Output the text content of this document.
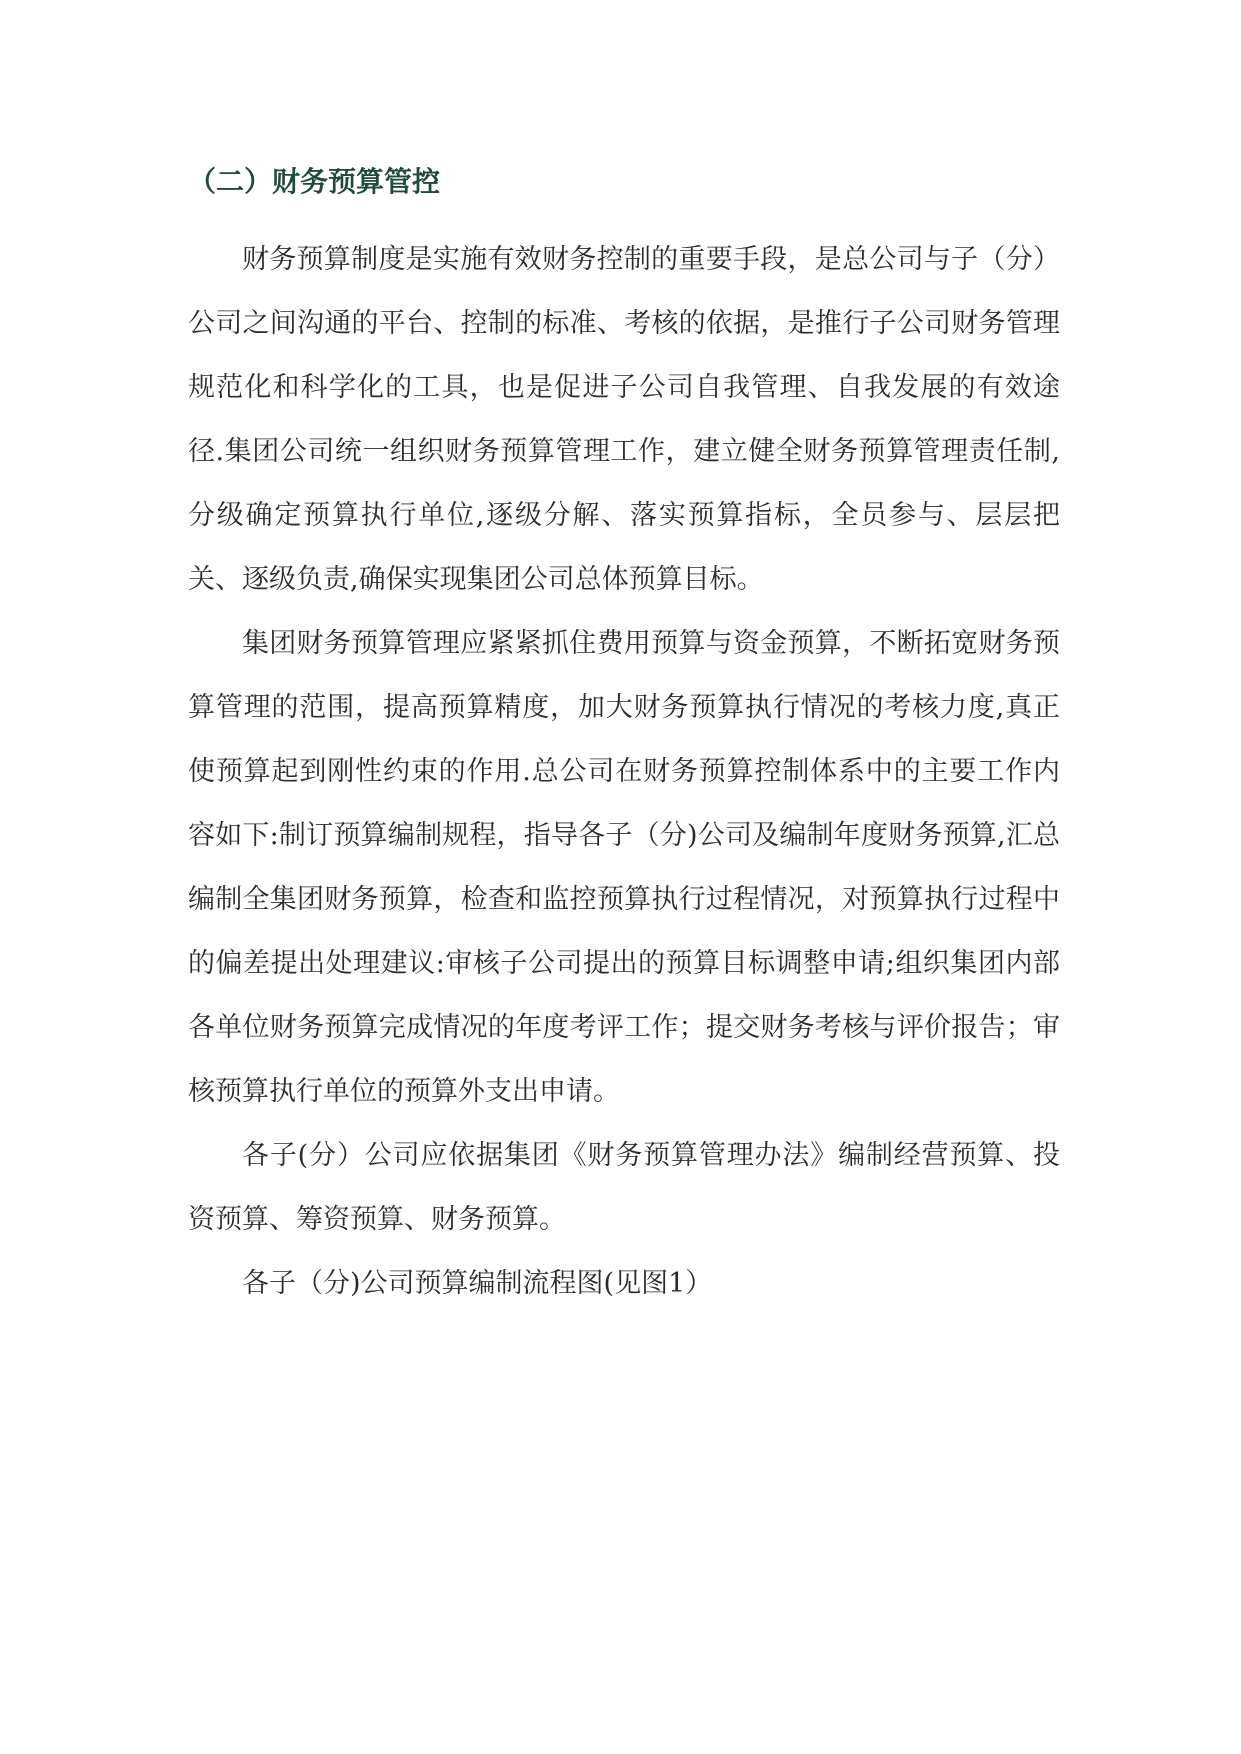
（二）财务预算管控

财务预算制度是实施有效财务控制的重要手段，是总公司与子（分）公司之间沟通的平台、控制的标准、考核的依据，是推行子公司财务管理规范化和科学化的工具，也是促进子公司自我管理、自我发展的有效途径.集团公司统一组织财务预算管理工作，建立健全财务预算管理责任制,分级确定预算执行单位,逐级分解、落实预算指标，全员参与、层层把关、逐级负责,确保实现集团公司总体预算目标。

集团财务预算管理应紧紧抓住费用预算与资金预算，不断拓宽财务预算管理的范围，提高预算精度，加大财务预算执行情况的考核力度,真正使预算起到刚性约束的作用.总公司在财务预算控制体系中的主要工作内容如下:制订预算编制规程，指导各子（分)公司及编制年度财务预算,汇总编制全集团财务预算，检查和监控预算执行过程情况，对预算执行过程中的偏差提出处理建议:审核子公司提出的预算目标调整申请;组织集团内部各单位财务预算完成情况的年度考评工作；提交财务考核与评价报告；审核预算执行单位的预算外支出申请。

各子(分）公司应依据集团《财务预算管理办法》编制经营预算、投资预算、筹资预算、财务预算。

各子（分)公司预算编制流程图(见图1）
